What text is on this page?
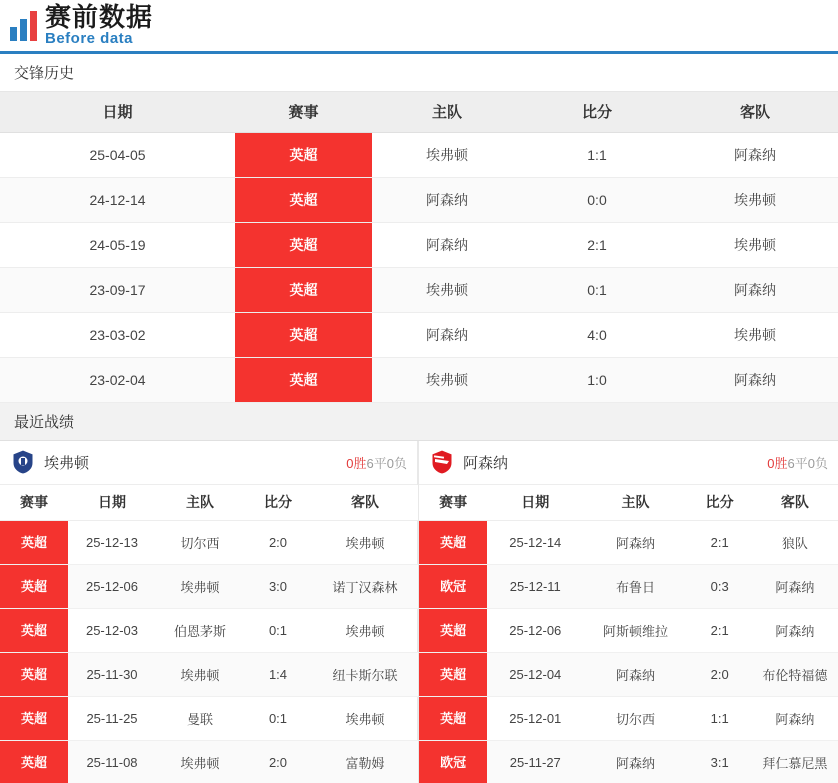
赛前数据
Before data
交锋历史
日期	赛事	主队	比分	客队
25-04-05	英超	埃弗顿	1:1	阿森纳
24-12-14	英超	阿森纳	0:0	埃弗顿
24-05-19	英超	阿森纳	2:1	埃弗顿
23-09-17	英超	埃弗顿	0:1	阿森纳
23-03-02	英超	阿森纳	4:0	埃弗顿
23-02-04	英超	埃弗顿	1:0	阿森纳
最近战绩
埃弗顿	0胜6平0负
赛事	日期	主队	比分	客队

英超	25-12-13	切尔西	2:0	埃弗顿

英超	25-12-06	埃弗顿	3:0	诺丁汉森林

英超	25-12-03	伯恩茅斯	0:1	埃弗顿

英超	25-11-30	埃弗顿	1:4	纽卡斯尔联

英超	25-11-25	曼联	0:1	埃弗顿

英超	25-11-08	埃弗顿	2:0	富勒姆
阿森纳	0胜6平0负
赛事	日期	主队	比分	客队

英超	25-12-14	阿森纳	2:1	狼队

欧冠	25-12-11	布鲁日	0:3	阿森纳

英超	25-12-06	阿斯顿维拉	2:1	阿森纳

英超	25-12-04	阿森纳	2:0	布伦特福德

英超	25-12-01	切尔西	1:1	阿森纳

欧冠	25-11-27	阿森纳	3:1	拜仁慕尼黑
